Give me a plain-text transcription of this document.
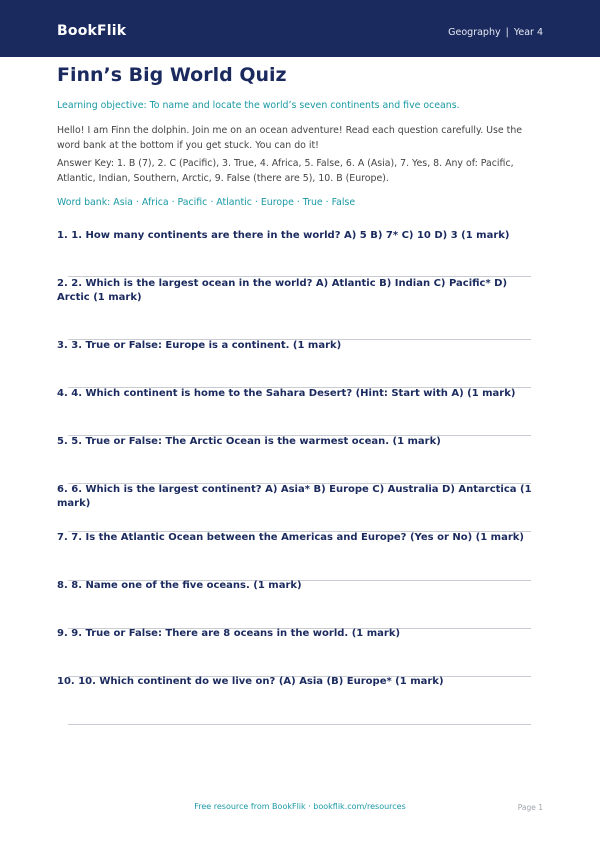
BookFlik	Geography | Year 4
Finn’s Big World Quiz
Learning objective: To name and locate the world’s seven continents and five oceans.
Hello! I am Finn the dolphin. Join me on an ocean adventure! Read each question carefully. Use the word bank at the bottom if you get stuck. You can do it!
Answer Key: 1. B (7), 2. C (Pacific), 3. True, 4. Africa, 5. False, 6. A (Asia), 7. Yes, 8. Any of: Pacific, Atlantic, Indian, Southern, Arctic, 9. False (there are 5), 10. B (Europe).
Word bank: Asia · Africa · Pacific · Atlantic · Europe · True · False
1. 1. How many continents are there in the world? A) 5 B) 7* C) 10 D) 3 (1 mark)
2. 2. Which is the largest ocean in the world? A) Atlantic B) Indian C) Pacific* D) Arctic (1 mark)
3. 3. True or False: Europe is a continent. (1 mark)
4. 4. Which continent is home to the Sahara Desert? (Hint: Start with A) (1 mark)
5. 5. True or False: The Arctic Ocean is the warmest ocean. (1 mark)
6. 6. Which is the largest continent? A) Asia* B) Europe C) Australia D) Antarctica (1 mark)
7. 7. Is the Atlantic Ocean between the Americas and Europe? (Yes or No) (1 mark)
8. 8. Name one of the five oceans. (1 mark)
9. 9. True or False: There are 8 oceans in the world. (1 mark)
10. 10. Which continent do we live on? (A) Asia (B) Europe* (1 mark)
Free resource from BookFlik · bookflik.com/resources	Page 1
